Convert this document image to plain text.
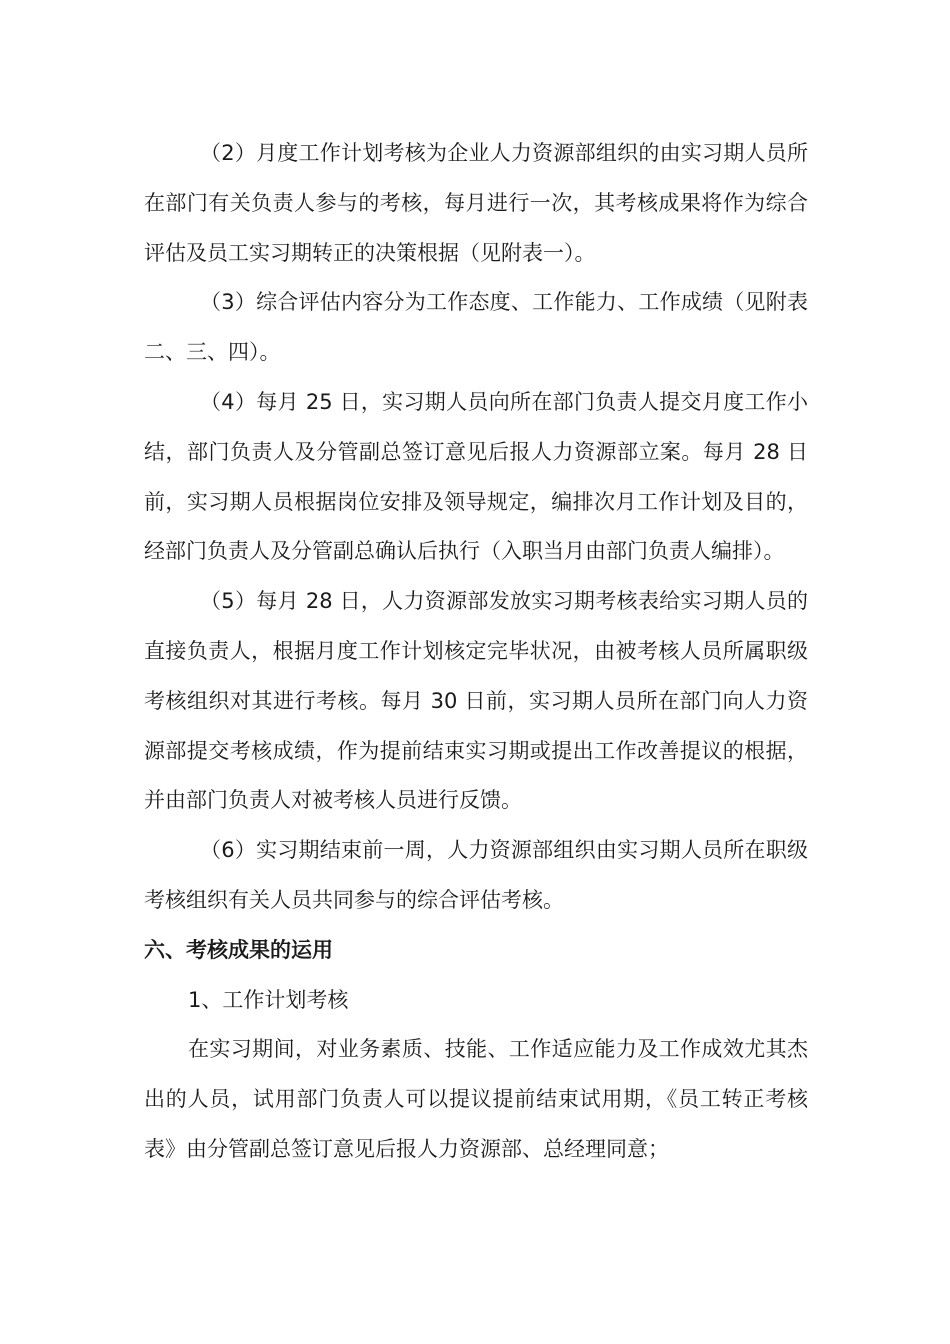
（2）月度工作计划考核为企业人力资源部组织的由实习期人员所在部门有关负责人参与的考核，每月进行一次，其考核成果将作为综合评估及员工实习期转正的决策根据（见附表一）。

（3）综合评估内容分为工作态度、工作能力、工作成绩（见附表二、三、四）。

（4）每月 25 日，实习期人员向所在部门负责人提交月度工作小结，部门负责人及分管副总签订意见后报人力资源部立案。每月 28 日前，实习期人员根据岗位安排及领导规定，编排次月工作计划及目的，经部门负责人及分管副总确认后执行（入职当月由部门负责人编排）。

（5）每月 28 日，人力资源部发放实习期考核表给实习期人员的直接负责人，根据月度工作计划核定完毕状况，由被考核人员所属职级考核组织对其进行考核。每月 30 日前，实习期人员所在部门向人力资源部提交考核成绩，作为提前结束实习期或提出工作改善提议的根据，并由部门负责人对被考核人员进行反馈。

（6）实习期结束前一周，人力资源部组织由实习期人员所在职级考核组织有关人员共同参与的综合评估考核。

六、考核成果的运用

1、工作计划考核

在实习期间，对业务素质、技能、工作适应能力及工作成效尤其杰出的人员，试用部门负责人可以提议提前结束试用期，《员工转正考核表》由分管副总签订意见后报人力资源部、总经理同意；
